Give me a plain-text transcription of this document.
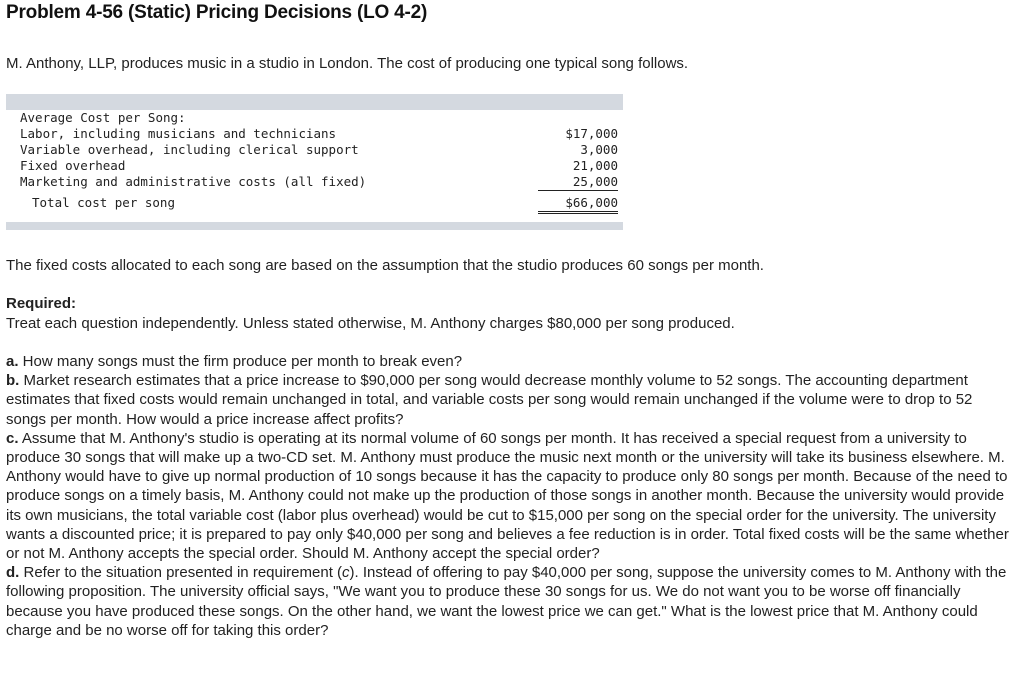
Problem 4-56 (Static) Pricing Decisions (LO 4-2)
M. Anthony, LLP, produces music in a studio in London. The cost of producing one typical song follows.
Average Cost per Song:
Labor, including musicians and technicians	$17,000
Variable overhead, including clerical support	3,000
Fixed overhead	21,000
Marketing and administrative costs (all fixed)	25,000
Total cost per song	$66,000
The fixed costs allocated to each song are based on the assumption that the studio produces 60 songs per month.
Required:
Treat each question independently. Unless stated otherwise, M. Anthony charges $80,000 per song produced.
a. How many songs must the firm produce per month to break even?
b. Market research estimates that a price increase to $90,000 per song would decrease monthly volume to 52 songs. The accounting department estimates that fixed costs would remain unchanged in total, and variable costs per song would remain unchanged if the volume were to drop to 52 songs per month. How would a price increase affect profits?
c. Assume that M. Anthony's studio is operating at its normal volume of 60 songs per month. It has received a special request from a university to produce 30 songs that will make up a two-CD set. M. Anthony must produce the music next month or the university will take its business elsewhere. M. Anthony would have to give up normal production of 10 songs because it has the capacity to produce only 80 songs per month. Because of the need to produce songs on a timely basis, M. Anthony could not make up the production of those songs in another month. Because the university would provide its own musicians, the total variable cost (labor plus overhead) would be cut to $15,000 per song on the special order for the university. The university wants a discounted price; it is prepared to pay only $40,000 per song and believes a fee reduction is in order. Total fixed costs will be the same whether or not M. Anthony accepts the special order. Should M. Anthony accept the special order?
d. Refer to the situation presented in requirement (c). Instead of offering to pay $40,000 per song, suppose the university comes to M. Anthony with the following proposition. The university official says, "We want you to produce these 30 songs for us. We do not want you to be worse off financially because you have produced these songs. On the other hand, we want the lowest price we can get." What is the lowest price that M. Anthony could charge and be no worse off for taking this order?
